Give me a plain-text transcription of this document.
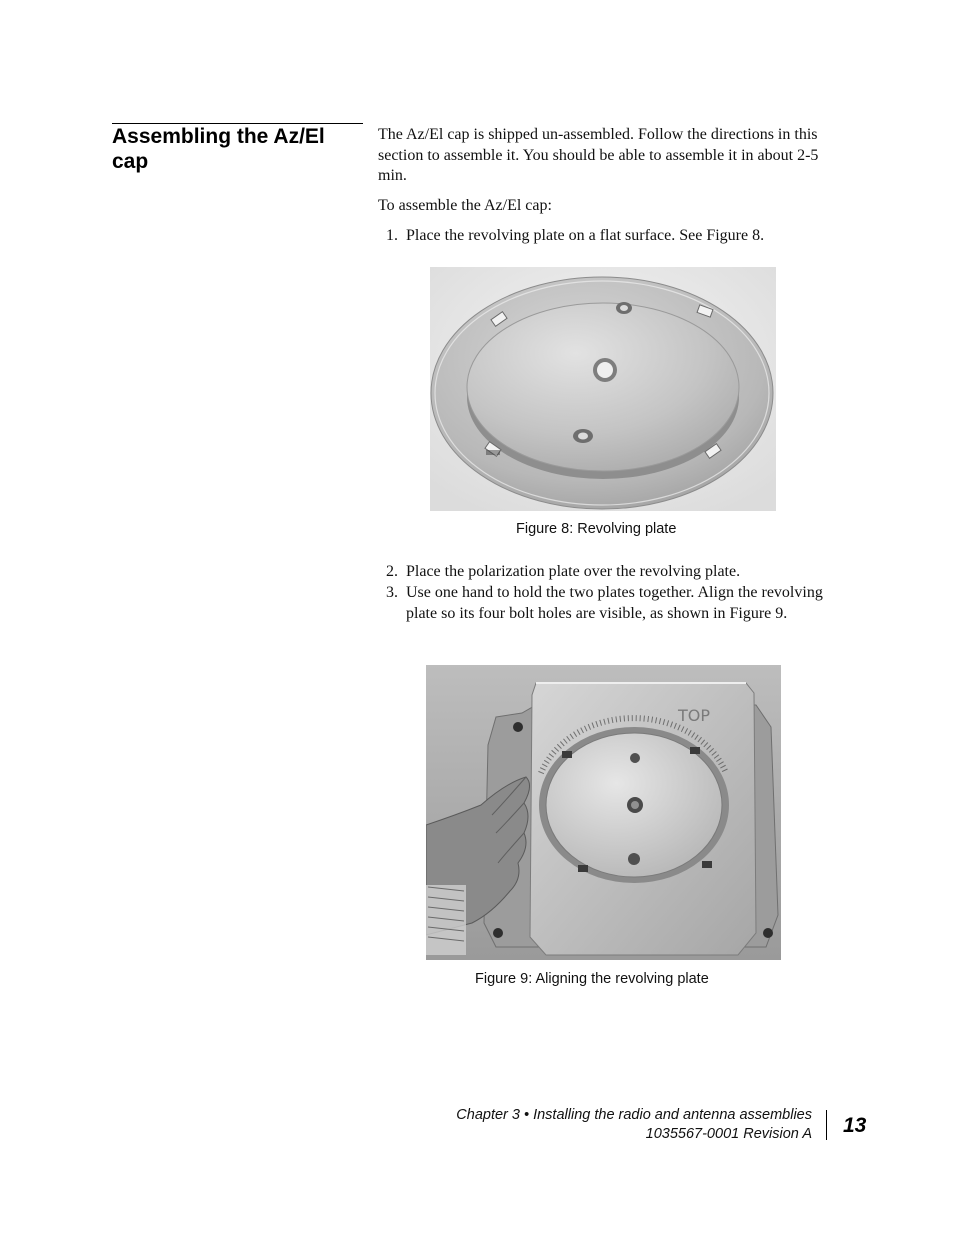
Assembling the Az/El cap

The Az/El cap is shipped un-assembled. Follow the directions in this section to assemble it. You should be able to assemble it in about 2-5 min.

To assemble the Az/El cap:

1. Place the revolving plate on a flat surface. See Figure 8.
Figure 8: Revolving plate
2. Place the polarization plate over the revolving plate.
3. Use one hand to hold the two plates together. Align the revolving plate so its four bolt holes are visible, as shown in Figure 9.
TOP
Figure 9: Aligning the revolving plate
Chapter 3 • Installing the radio and antenna assemblies
1035567-0001 Revision A 13
